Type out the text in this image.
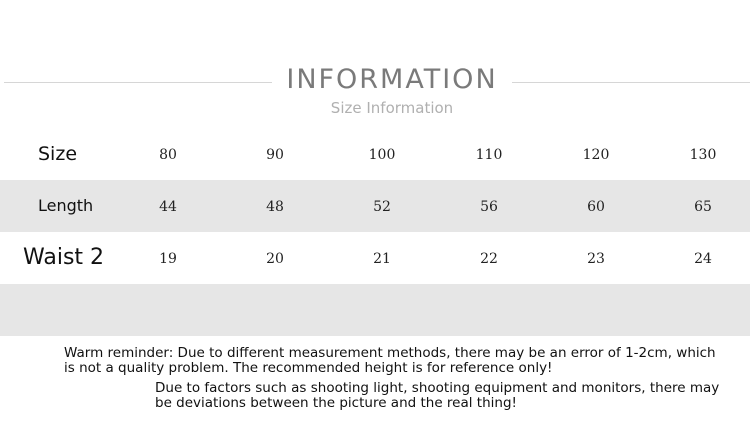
INFORMATION
Size Information
Size	80	90	100	110	120	130
Length	44	48	52	56	60	65
Waist 2	19	20	21	22	23	24
Warm reminder: Due to different measurement methods, there may be an error of 1-2cm, which is not a quality problem. The recommended height is for reference only!
Due to factors such as shooting light, shooting equipment and monitors, there may be deviations between the picture and the real thing!
